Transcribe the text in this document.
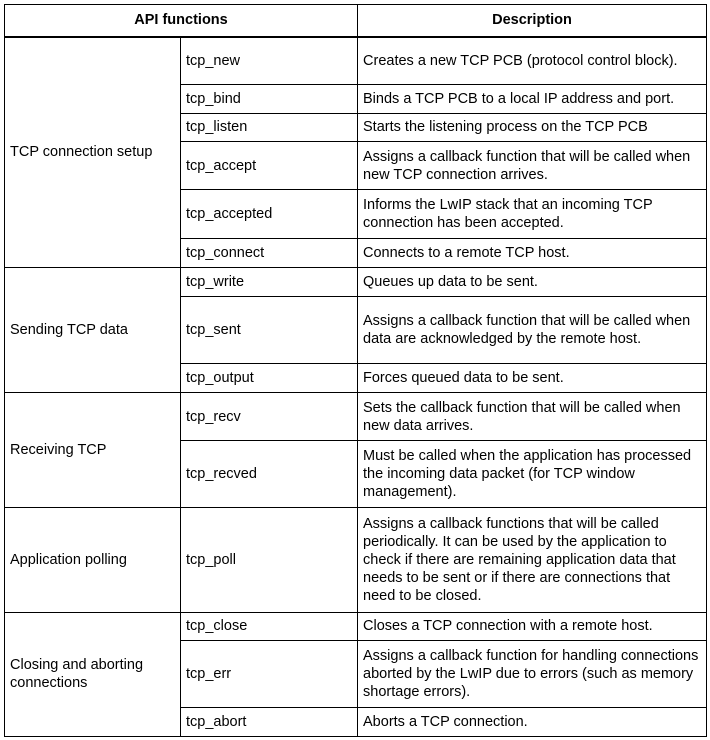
API functions		Description
TCP connection setup	tcp_new	Creates a new TCP PCB (protocol control block).
	tcp_bind	Binds a TCP PCB to a local IP address and port.
	tcp_listen	Starts the listening process on the TCP PCB
	tcp_accept	Assigns a callback function that will be called when new TCP connection arrives.
	tcp_accepted	Informs the LwIP stack that an incoming TCP connection has been accepted.
	tcp_connect	Connects to a remote TCP host.
Sending TCP data	tcp_write	Queues up data to be sent.
	tcp_sent	Assigns a callback function that will be called when data are acknowledged by the remote host.
	tcp_output	Forces queued data to be sent.
Receiving TCP	tcp_recv	Sets the callback function that will be called when new data arrives.
	tcp_recved	Must be called when the application has processed the incoming data packet (for TCP window management).
Application polling	tcp_poll	Assigns a callback functions that will be called periodically. It can be used by the application to check if there are remaining application data that needs to be sent or if there are connections that need to be closed.
Closing and aborting connections	tcp_close	Closes a TCP connection with a remote host.
	tcp_err	Assigns a callback function for handling connections aborted by the LwIP due to errors (such as memory shortage errors).
	tcp_abort	Aborts a TCP connection.
